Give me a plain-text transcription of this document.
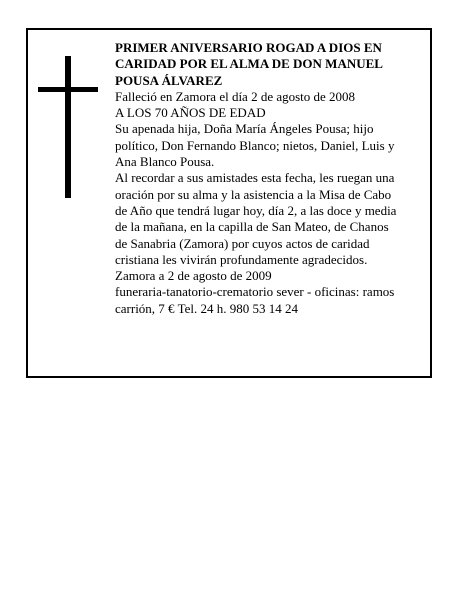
PRIMER ANIVERSARIO ROGAD A DIOS EN CARIDAD POR EL ALMA DE DON MANUEL POUSA ÁLVAREZ

Falleció en Zamora el día 2 de agosto de 2008

A LOS 70 AÑOS DE EDAD

Su apenada hija, Doña María Ángeles Pousa; hijo político, Don Fernando Blanco; nietos, Daniel, Luis y Ana Blanco Pousa.

Al recordar a sus amistades esta fecha, les ruegan una oración por su alma y la asistencia a la Misa de Cabo de Año que tendrá lugar hoy, día 2, a las doce y media de la mañana, en la capilla de San Mateo, de Chanos de Sanabria (Zamora) por cuyos actos de caridad cristiana les vivirán profundamente agradecidos.

Zamora a 2 de agosto de 2009

funeraria-tanatorio-crematorio sever - oficinas: ramos carrión, 7 € Tel. 24 h. 980 53 14 24
